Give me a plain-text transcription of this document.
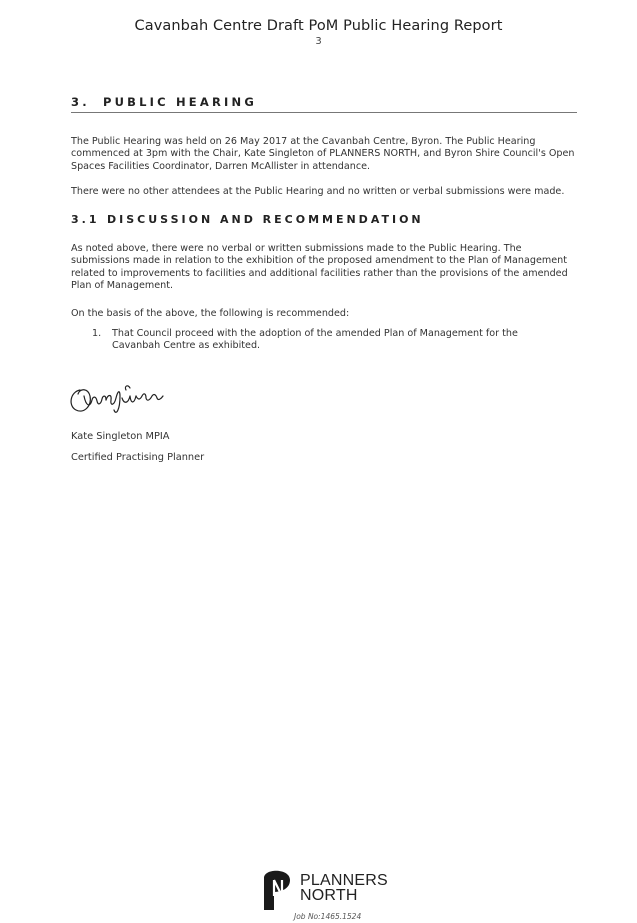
Cavanbah Centre Draft PoM Public Hearing Report
3
3. PUBLIC HEARING
The Public Hearing was held on 26 May 2017 at the Cavanbah Centre, Byron. The Public Hearing commenced at 3pm with the Chair, Kate Singleton of PLANNERS NORTH, and Byron Shire Council's Open Spaces Facilities Coordinator, Darren McAllister in attendance.
There were no other attendees at the Public Hearing and no written or verbal submissions were made.
3.1 DISCUSSION AND RECOMMENDATION
As noted above, there were no verbal or written submissions made to the Public Hearing. The submissions made in relation to the exhibition of the proposed amendment to the Plan of Management related to improvements to facilities and additional facilities rather than the provisions of the amended Plan of Management.
On the basis of the above, the following is recommended:
1.	That Council proceed with the adoption of the amended Plan of Management for the Cavanbah Centre as exhibited.
Kate Singleton MPIA
Certified Practising Planner
PLANNERS
NORTH
Job No:1465.1524
